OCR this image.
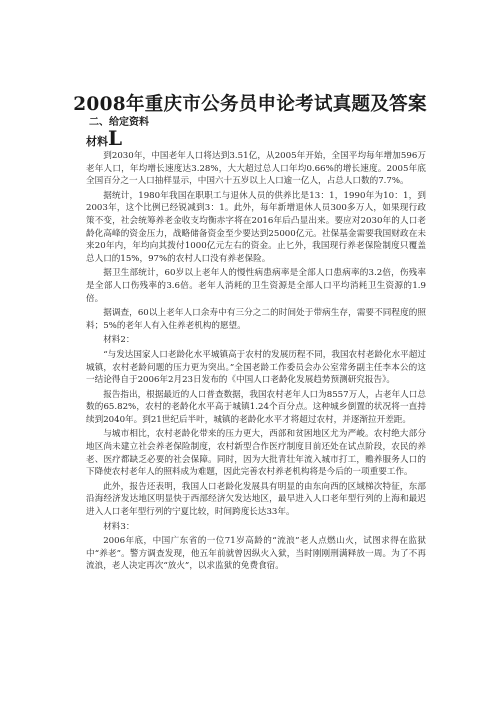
2008年重庆市公务员申论考试真题及答案
二、给定资料
材料L

到2030年，中国老年人口将达到3.51亿，从2005年开始，全国平均每年增加596万老年人口，年均增长速度达3.28%，大大超过总人口年均0.66%的增长速度。2005年底全国百分之一人口抽样显示，中国六十五岁以上人口逾一亿人，占总人口数的7.7%。

据统计，1980年我国在职职工与退休人员的供养比是13：1，1990年为10：1，到2003年，这个比例已经锐减到3：1。此外，每年新增退休人员300多万人，如果现行政策不变，社会统筹养老金收支均衡赤字将在2016年后凸显出来。要应对2030年的人口老龄化高峰的资金压力，战略储备资金至少要达到25000亿元。社保基金需要我国财政在未来20年内，年均向其拨付1000亿元左右的资金。止匕外，我国现行养老保险制度只覆盖总人口的15%，97%的农村人口没有养老保险。

据卫生部统计，60岁以上老年人的慢性病患病率是全部人口患病率的3.2倍，伤残率是全部人口伤残率的3.6倍。老年人消耗的卫生资源是全部人口平均消耗卫生资源的1.9倍。

据调查，60以上老年人口余寿中有三分之二的时间处于带病生存，需要不同程度的照料；5%的老年人有入住养老机构的愿望。

材料2：

“与发达国家人口老龄化水平城镇高于农村的发展历程不同，我国农村老龄化水平超过城镇，农村老龄问题的压力更为突出。”全国老龄工作委员会办公室常务副主任李本公的这一结论得自于2006年2月23日发布的《中国人口老龄化发展趋势预测研究报告》。

报告指出，根据最近的人口普查数据，我国农村老年人口为8557万人，占老年人口总数的65.82%，农村的老龄化水平高于城镇1.24个百分点。这种城乡倒置的状况将一直持续到2040年。到21世纪后半叶，城镇的老龄化水平才将超过农村，并逐渐拉开差距。

与城市相比，农村老龄化带来的压力更大，西部和贫困地区尤为严峻。农村绝大部分地区尚未建立社会养老保险制度，农村新型合作医疗制度目前还处在试点阶段，农民的养老、医疗都缺乏必要的社会保障。同时，因为大批青壮年流入城市打工，赡养服务人口的下降使农村老年人的照料成为难题，因此完善农村养老机构将是今后的一项重要工作。

此外，报告还表明，我国人口老龄化发展具有明显的由东向西的区域梯次特征，东部沿海经济发达地区明显快于西部经济欠发达地区，最早进入人口老年型行列的上海和最迟进入人口老年型行列的宁夏比较，时间跨度长达33年。

材料3：

2006年底，中国广东省的一位71岁高龄的“流浪”老人点燃山火，试图求得在监狱中“养老”。警方调查发现，他五年前就曾因纵火入狱，当时刚刚刑满释放一周。为了不再流浪，老人决定再次“放火”，以求监狱的免费食宿。
